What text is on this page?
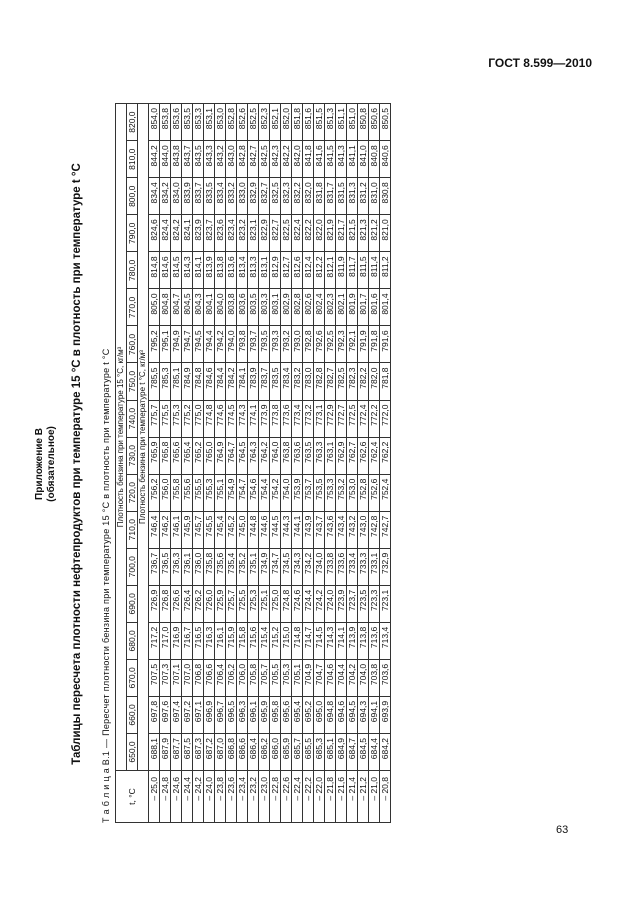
ГОСТ 8.599—2010
Приложение В (обязательное) Таблицы пересчета плотности нефтепродуктов при температуре 15 °С в плотность при температуре t °С Т а б л и ц а В.1 — Пересчет плотности бензина при температуре 15 °С в плотность при температуре t °С t, °C	Плотность бензина при температуре 15 °С, кг/м³																	
	650,0	660,0	670,0	680,0	690,0	700,0	710,0	720,0	730,0	740,0	750,0	760,0	770,0	780,0	790,0	800,0	810,0	820,0
	Плотность бензина при температуре t °С, кг/м³																	
– 25,0	688,1	697,8	707,5	717,2	726,9	736,7	746,4	756,2	765,9	775,7	785,5	795,2	805,0	814,8	824,6	834,4	844,2	854,0
– 24,8	687,9	697,6	707,3	717,0	726,8	736,5	746,2	756,0	765,8	775,5	785,3	795,1	804,8	814,6	824,4	834,2	844,0	853,8
– 24,6	687,7	697,4	707,1	716,9	726,6	736,3	746,1	755,8	765,6	775,3	785,1	794,9	804,7	814,5	824,2	834,0	843,8	853,6
– 24,4	687,5	697,2	707,0	716,7	726,4	736,1	745,9	755,6	765,4	775,2	784,9	794,7	804,5	814,3	824,1	833,9	843,7	853,5
– 24,2	687,3	697,1	706,8	716,5	726,2	736,0	745,7	755,5	765,2	775,0	784,8	794,5	804,3	814,1	823,9	833,7	843,5	853,3
– 24,0	687,2	696,9	706,6	716,3	726,0	735,8	745,5	755,3	765,0	774,8	784,6	794,4	804,1	813,9	823,7	833,5	843,3	853,1
– 23,8	687,0	696,7	706,4	716,1	725,9	735,6	745,4	755,1	764,9	774,6	784,4	794,2	804,0	813,8	823,6	833,4	843,2	853,0
– 23,6	686,8	696,5	706,2	715,9	725,7	735,4	745,2	754,9	764,7	774,5	784,2	794,0	803,8	813,6	823,4	833,2	843,0	852,8
– 23,4	686,6	696,3	706,0	715,8	725,5	735,2	745,0	754,7	764,5	774,3	784,1	793,8	803,6	813,4	823,2	833,0	842,8	852,6
– 23,2	686,4	696,1	705,8	715,6	725,3	735,1	744,8	754,6	764,3	774,1	783,9	793,7	803,5	813,3	823,1	832,9	842,7	852,5
– 23,0	686,2	695,9	705,7	715,4	725,1	734,9	744,6	754,4	764,2	773,9	783,7	793,5	803,3	813,1	822,9	832,7	842,5	852,3
– 22,8	686,0	695,8	705,5	715,2	725,0	734,7	744,5	754,2	764,0	773,8	783,5	793,3	803,1	812,9	822,7	832,5	842,3	852,1
– 22,6	685,9	695,6	705,3	715,0	724,8	734,5	744,3	754,0	763,8	773,6	783,4	793,2	802,9	812,7	822,5	832,3	842,2	852,0
– 22,4	685,7	695,4	705,1	714,8	724,6	734,3	744,1	753,9	763,6	773,4	783,2	793,0	802,8	812,6	822,4	832,2	842,0	851,8
– 22,2	685,5	695,2	704,9	714,7	724,4	734,2	743,9	753,7	763,5	773,2	783,0	792,8	802,6	812,4	822,2	832,0	841,8	851,6
– 22,0	685,3	695,0	704,7	714,5	724,2	734,0	743,7	753,5	763,3	773,1	782,8	792,6	802,4	812,2	822,0	831,8	841,6	851,5
– 21,8	685,1	694,8	704,6	714,3	724,0	733,8	743,6	753,3	763,1	772,9	782,7	792,5	802,3	812,1	821,9	831,7	841,5	851,3
– 21,6	684,9	694,6	704,4	714,1	723,9	733,6	743,4	753,2	762,9	772,7	782,5	792,3	802,1	811,9	821,7	831,5	841,3	851,1
– 21,4	684,7	694,5	704,2	713,9	723,7	733,4	743,2	753,0	762,7	772,5	782,3	792,1	801,9	811,7	821,5	831,3	841,1	851,0
– 21,2	684,5	694,3	704,0	713,8	723,5	733,3	743,0	752,8	762,6	772,4	782,2	791,9	801,7	811,5	821,3	831,2	841,0	850,8
– 21,0	684,4	694,1	703,8	713,6	723,3	733,1	742,8	752,6	762,4	772,2	782,0	791,8	801,6	811,4	821,2	831,0	840,8	850,6
– 20,8	684,2	693,9	703,6	713,4	723,1	732,9	742,7	752,4	762,2	772,0	781,8	791,6	801,4	811,2	821,0	830,8	840,6	850,5
63
